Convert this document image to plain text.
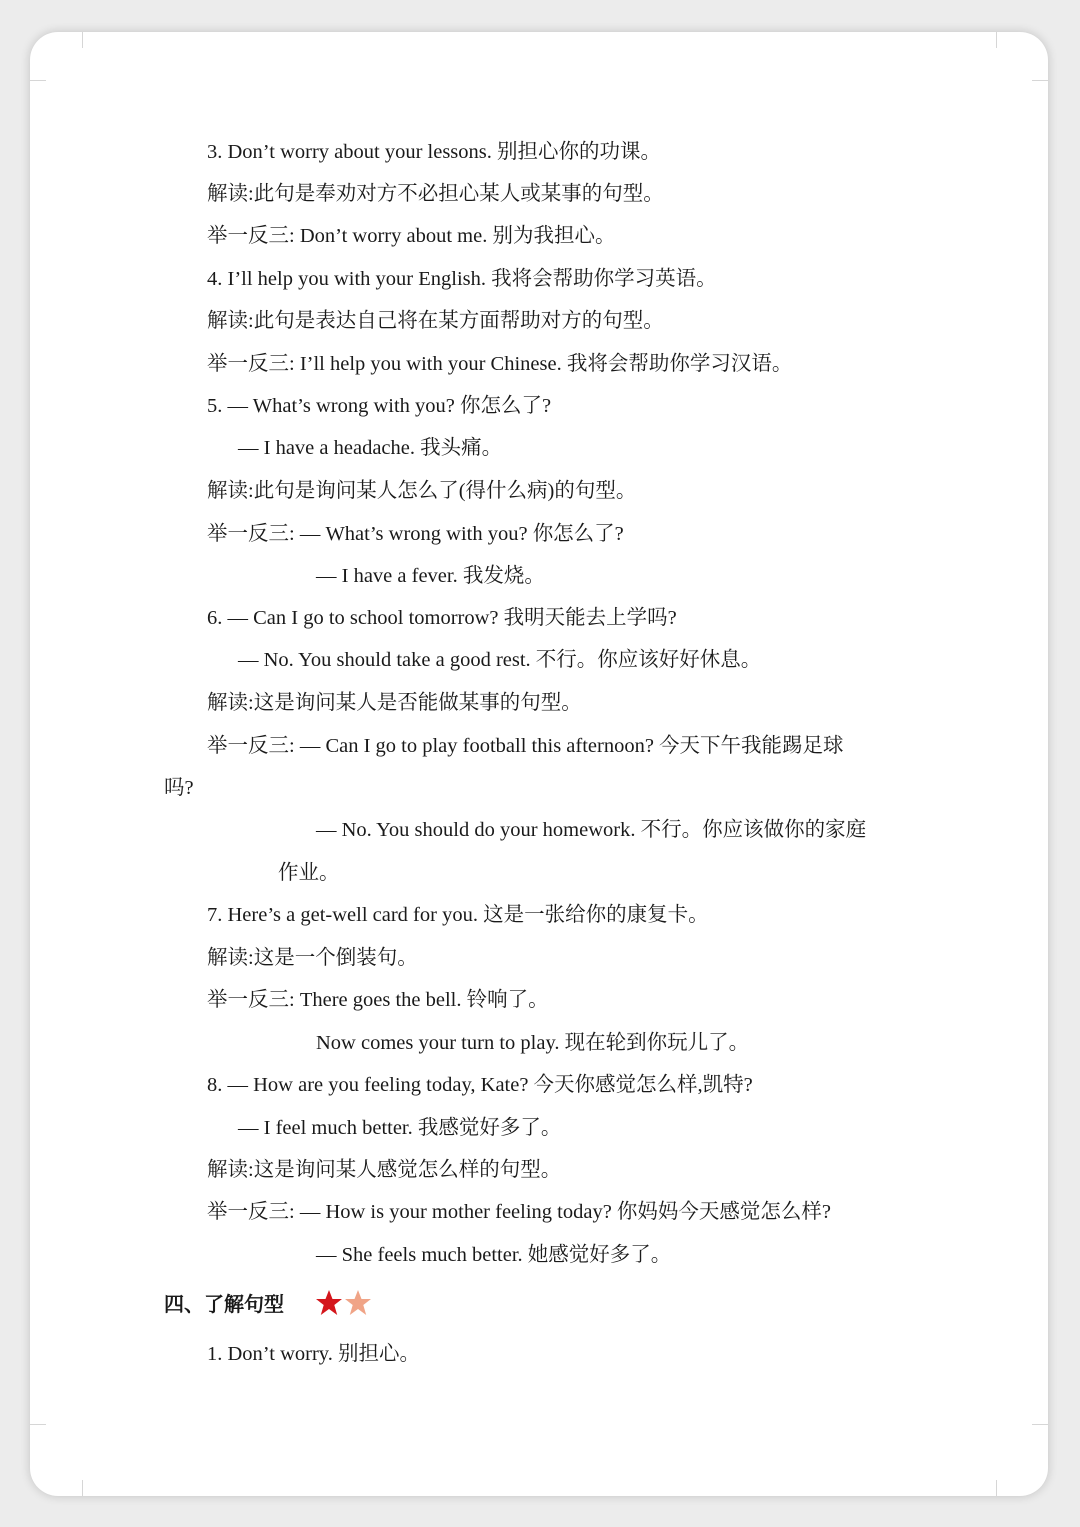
3. Don’t worry about your lessons. 别担心你的功课。
解读:此句是奉劝对方不必担心某人或某事的句型。
举一反三: Don’t worry about me. 别为我担心。
4. I’ll help you with your English. 我将会帮助你学习英语。
解读:此句是表达自己将在某方面帮助对方的句型。
举一反三: I’ll help you with your Chinese. 我将会帮助你学习汉语。
5. — What’s wrong with you? 你怎么了?
— I have a headache. 我头痛。
解读:此句是询问某人怎么了(得什么病)的句型。
举一反三: — What’s wrong with you? 你怎么了?
— I have a fever. 我发烧。
6. — Can I go to school tomorrow? 我明天能去上学吗?
— No. You should take a good rest. 不行。你应该好好休息。
解读:这是询问某人是否能做某事的句型。
举一反三: — Can I go to play football this afternoon? 今天下午我能踢足球
吗?
— No. You should do your homework. 不行。你应该做你的家庭
作业。
7. Here’s a get-well card for you. 这是一张给你的康复卡。
解读:这是一个倒装句。
举一反三: There goes the bell. 铃响了。
Now comes your turn to play. 现在轮到你玩儿了。
8. — How are you feeling today, Kate? 今天你感觉怎么样,凯特?
— I feel much better. 我感觉好多了。
解读:这是询问某人感觉怎么样的句型。
举一反三: — How is your mother feeling today? 你妈妈今天感觉怎么样?
— She feels much better. 她感觉好多了。
四、了解句型
1. Don’t worry. 别担心。
